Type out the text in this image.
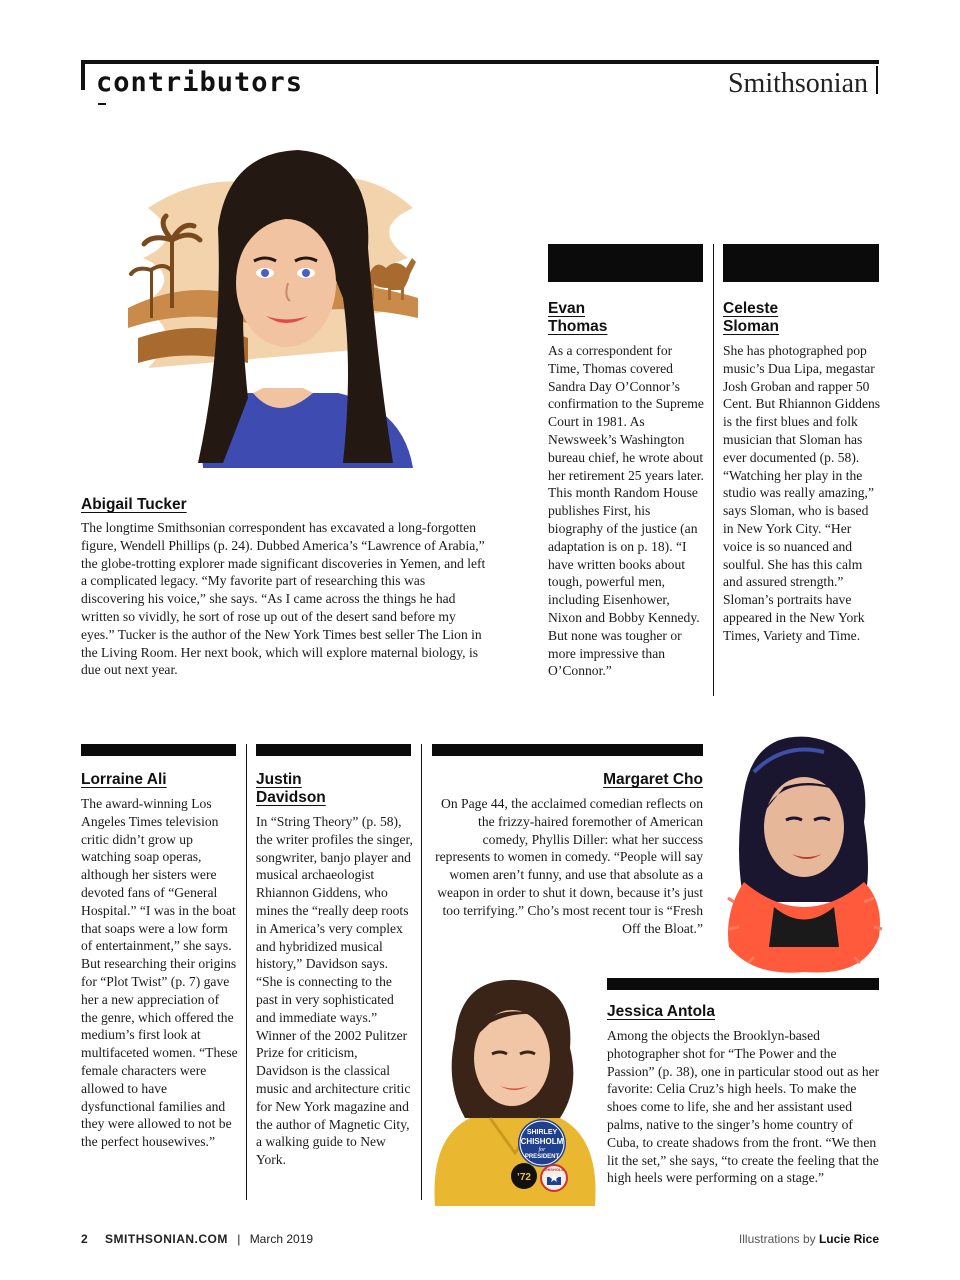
contributors	Smithsonian
Abigail Tucker
The longtime Smithsonian correspondent has excavated a long-forgotten figure, Wendell Phillips (p. 24). Dubbed America’s “Lawrence of Arabia,” the globe-trotting explorer made significant discoveries in Yemen, and left a complicated legacy. “My favorite part of researching this was discovering his voice,” she says. “As I came across the things he had written so vividly, he sort of rose up out of the desert sand before my eyes.” Tucker is the author of the New York Times best seller The Lion in the Living Room. Her next book, which will explore maternal biology, is due out next year.
Evan
Thomas
As a correspondent for Time, Thomas covered Sandra Day O’Connor’s confirmation to the Supreme Court in 1981. As Newsweek’s Washington bureau chief, he wrote about her retirement 25 years later. This month Random House publishes First, his biography of the justice (an adaptation is on p. 18). “I have written books about tough, powerful men, including Eisenhower, Nixon and Bobby Kennedy. But none was tougher or more impressive than O’Connor.”
Celeste
Sloman
She has photographed pop music’s Dua Lipa, megastar Josh Groban and rapper 50 Cent. But Rhiannon Giddens is the first blues and folk musician that Sloman has ever documented (p. 58). “Watching her play in the studio was really amazing,” says Sloman, who is based in New York City. “Her voice is so nuanced and soulful. She has this calm and assured strength.” Sloman’s portraits have appeared in the New York Times, Variety and Time.
Lorraine Ali
The award-winning Los Angeles Times television critic didn’t grow up watching soap operas, although her sisters were devoted fans of “General Hospital.” “I was in the boat that soaps were a low form of entertainment,” she says. But researching their origins for “Plot Twist” (p. 7) gave her a new appreciation of the genre, which offered the medium’s first look at multifaceted women. “These female characters were allowed to have dysfunctional families and they were allowed to not be the perfect housewives.”
Justin
Davidson
In “String Theory” (p. 58), the writer profiles the singer, songwriter, banjo player and musical archaeologist Rhiannon Giddens, who mines the “really deep roots in America’s very complex and hybridized musical history,” Davidson says. “She is connecting to the past in very sophisticated and immediate ways.” Winner of the 2002 Pulitzer Prize for criticism, Davidson is the classical music and architecture critic for New York magazine and the author of Magnetic City, a walking guide to New York.
Margaret Cho
On Page 44, the acclaimed comedian reflects on the frizzy-haired foremother of American comedy, Phyllis Diller: what her success represents to women in comedy. “People will say women aren’t funny, and use that absolute as a weapon in order to shut it down, because it’s just too terrifying.” Cho’s most recent tour is “Fresh Off the Bloat.”
Jessica Antola
Among the objects the Brooklyn-based photographer shot for “The Power and the Passion” (p. 38), one in particular stood out as her favorite: Celia Cruz’s high heels. To make the shoes come to life, she and her assistant used palms, native to the singer’s home country of Cuba, to create shadows from the front. “We then lit the set,” she says, “to create the feeling that the high heels were performing on a stage.”
SHIRLEY
CHISHOLM
for
PRESIDENT
’72
CHISHOLM
2 SMITHSONIAN.COM | March 2019	Illustrations by Lucie Rice
